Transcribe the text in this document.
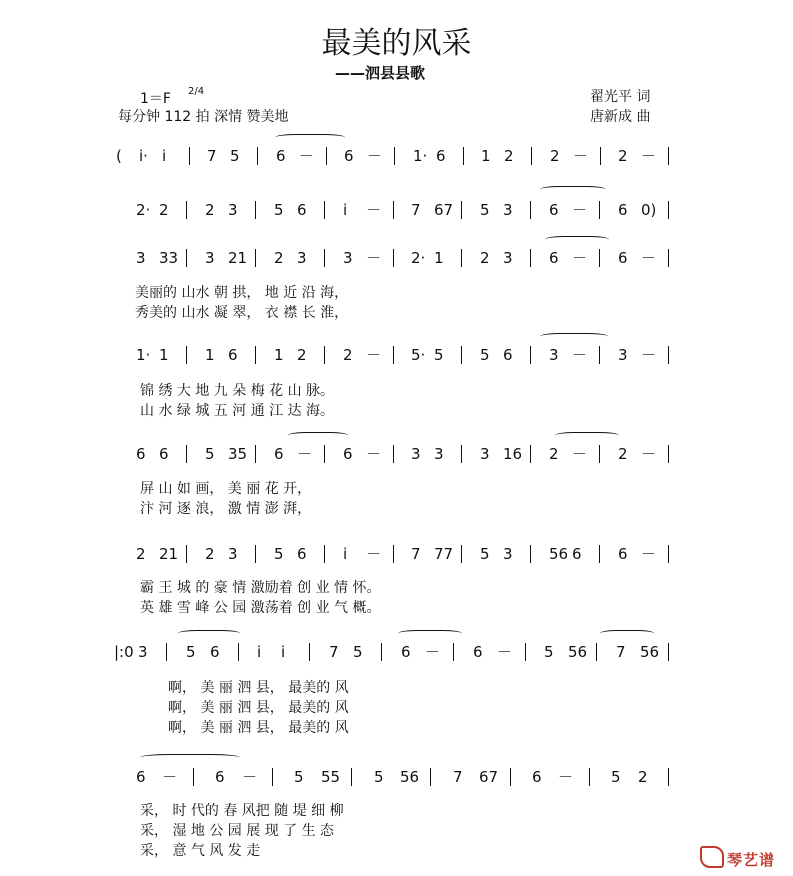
最美的风采
——泗县县歌
1＝F 2/4
每分钟 112 拍 深情 赞美地
翟光平 词
唐新成 曲
( i· i	7 5 6 － 6 － 1· 6 1 2 2 － 2 －
2· 2 2 3 5 6 i － 7 67 5 3 6 － 6 0)
3 33 3 21 2 3 3 － 2· 1 2 3 6 － 6 －
1· 1 1 6 1 2 2 － 5· 5 5 6 3 － 3 －
6 6 5 35 6 － 6 － 3 3 3 16 2 － 2 －
2 21 2 3 5 6 i － 7 77 5 3 56 6 6 －
|:0 3	5 6 i i	7 5	6 － 6 － 5 56 7 56
6 －	6 － 5 55 5 56 7 67 6 －	5 2
美丽的 山水 朝 拱， 地 近 沿 海，
秀美的 山水 凝 翠， 衣 襟 长 淮，
锦 绣 大 地 九 朵 梅 花 山 脉。
山 水 绿 城 五 河 通 江 达 海。
屏 山 如 画， 美 丽 花 开，
汴 河 逐 浪， 激 情 澎 湃，
霸 王 城 的 豪 情 激励着 创 业 情 怀。
英 雄 雪 峰 公 园 激荡着 创 业 气 概。
啊， 美 丽 泗 县， 最美的 风
啊， 美 丽 泗 县， 最美的 风
啊， 美 丽 泗 县， 最美的 风
采， 时 代的 春 风把 随 堤 细 柳
采， 湿 地 公 园 展 现 了 生 态
采， 意 气 风 发 走	琴艺谱
